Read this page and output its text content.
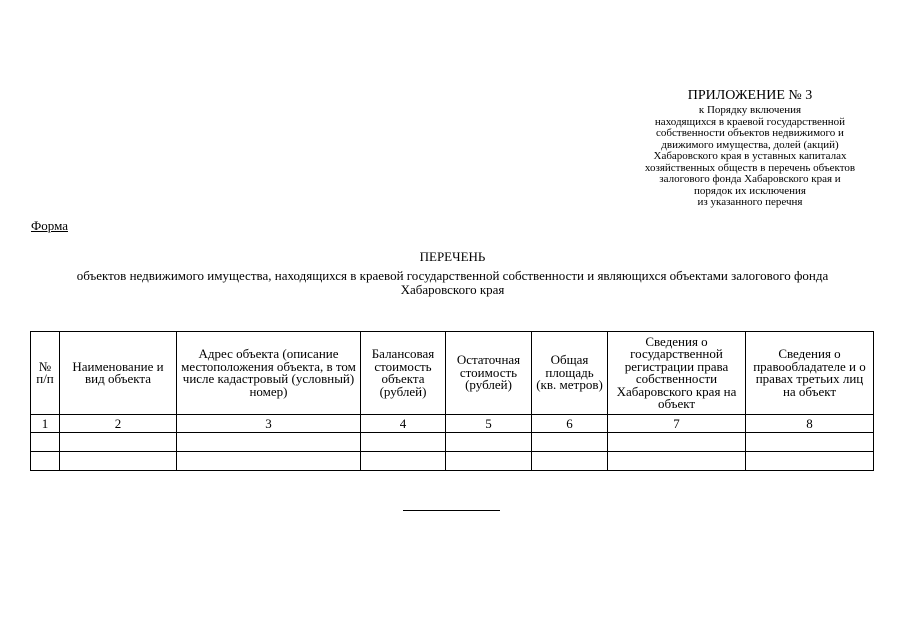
ПРИЛОЖЕНИЕ № 3
к Порядку включения
находящихся в краевой государственной
собственности объектов недвижимого и
движимого имущества, долей (акций)
Хабаровского края в уставных капиталах
хозяйственных обществ в перечень объектов
залогового фонда Хабаровского края и
порядок их исключения
из указанного перечня
Форма
ПЕРЕЧЕНЬ
объектов недвижимого имущества, находящихся в краевой государственной собственности и являющихся объектами залогового фонда Хабаровского края
№ п/п	Наименование и вид объекта	Адрес объекта (описание местоположения объекта, в том числе кадастровый (условный) номер)	Балансовая стоимость объекта (рублей)	Остаточная стоимость (рублей)	Общая площадь (кв. метров)	Сведения о государственной регистрации права собственности Хабаровского края на объект	Сведения о правообладателе и о правах третьих лиц на объект
1	2	3	4	5	6	7	8
